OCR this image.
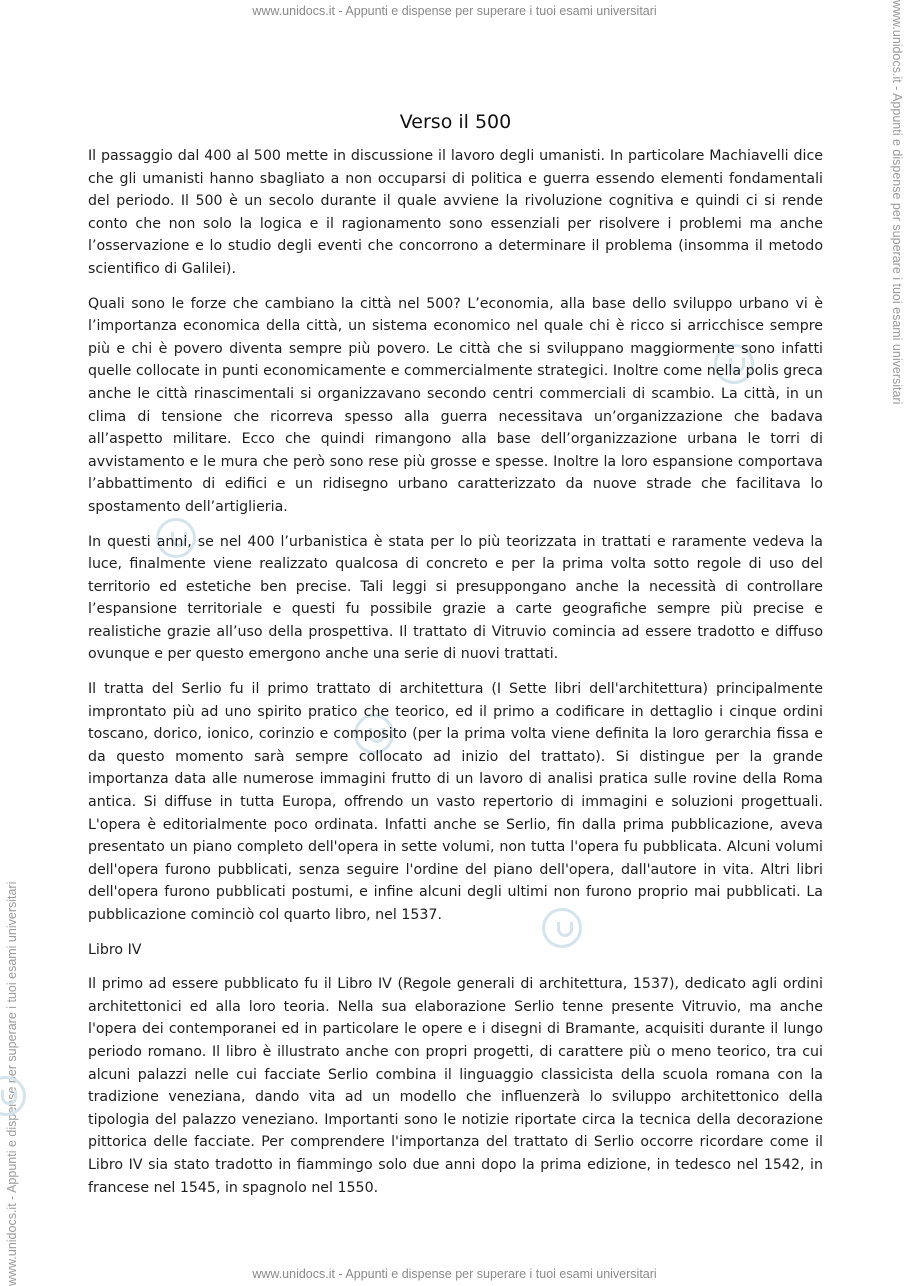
www.unidocs.it - Appunti e dispense per superare i tuoi esami universitari
www.unidocs.it - Appunti e dispense per superare i tuoi esami universitari
www.unidocs.it - Appunti e dispense per superare i tuoi esami universitari
Verso il 500

Il passaggio dal 400 al 500 mette in discussione il lavoro degli umanisti. In particolare Machiavelli dice che gli umanisti hanno sbagliato a non occuparsi di politica e guerra essendo elementi fondamentali del periodo. Il 500 è un secolo durante il quale avviene la rivoluzione cognitiva e quindi ci si rende conto che non solo la logica e il ragionamento sono essenziali per risolvere i problemi ma anche l’osservazione e lo studio degli eventi che concorrono a determinare il problema (insomma il metodo scientifico di Galilei).

Quali sono le forze che cambiano la città nel 500? L’economia, alla base dello sviluppo urbano vi è l’importanza economica della città, un sistema economico nel quale chi è ricco si arricchisce sempre più e chi è povero diventa sempre più povero. Le città che si sviluppano maggiormente sono infatti quelle collocate in punti economicamente e commercialmente strategici. Inoltre come nella polis greca anche le città rinascimentali si organizzavano secondo centri commerciali di scambio. La città, in un clima di tensione che ricorreva spesso alla guerra necessitava un’organizzazione che badava all’aspetto militare. Ecco che quindi rimangono alla base dell’organizzazione urbana le torri di avvistamento e le mura che però sono rese più grosse e spesse. Inoltre la loro espansione comportava l’abbattimento di edifici e un ridisegno urbano caratterizzato da nuove strade che facilitava lo spostamento dell’artiglieria.

In questi anni, se nel 400 l’urbanistica è stata per lo più teorizzata in trattati e raramente vedeva la luce, finalmente viene realizzato qualcosa di concreto e per la prima volta sotto regole di uso del territorio ed estetiche ben precise. Tali leggi si presuppongano anche la necessità di controllare l’espansione territoriale e questi fu possibile grazie a carte geografiche sempre più precise e realistiche grazie all’uso della prospettiva. Il trattato di Vitruvio comincia ad essere tradotto e diffuso ovunque e per questo emergono anche una serie di nuovi trattati.

Il tratta del Serlio fu il primo trattato di architettura (I Sette libri dell'architettura) principalmente improntato più ad uno spirito pratico che teorico, ed il primo a codificare in dettaglio i cinque ordini toscano, dorico, ionico, corinzio e composito (per la prima volta viene definita la loro gerarchia fissa e da questo momento sarà sempre collocato ad inizio del trattato). Si distingue per la grande importanza data alle numerose immagini frutto di un lavoro di analisi pratica sulle rovine della Roma antica. Si diffuse in tutta Europa, offrendo un vasto repertorio di immagini e soluzioni progettuali. L'opera è editorialmente poco ordinata. Infatti anche se Serlio, fin dalla prima pubblicazione, aveva presentato un piano completo dell'opera in sette volumi, non tutta l'opera fu pubblicata. Alcuni volumi dell'opera furono pubblicati, senza seguire l'ordine del piano dell'opera, dall'autore in vita. Altri libri dell'opera furono pubblicati postumi, e infine alcuni degli ultimi non furono proprio mai pubblicati. La pubblicazione cominciò col quarto libro, nel 1537.

Libro IV

Il primo ad essere pubblicato fu il Libro IV (Regole generali di architettura, 1537), dedicato agli ordini architettonici ed alla loro teoria. Nella sua elaborazione Serlio tenne presente Vitruvio, ma anche l'opera dei contemporanei ed in particolare le opere e i disegni di Bramante, acquisiti durante il lungo periodo romano. Il libro è illustrato anche con propri progetti, di carattere più o meno teorico, tra cui alcuni palazzi nelle cui facciate Serlio combina il linguaggio classicista della scuola romana con la tradizione veneziana, dando vita ad un modello che influenzerà lo sviluppo architettonico della tipologia del palazzo veneziano. Importanti sono le notizie riportate circa la tecnica della decorazione pittorica delle facciate. Per comprendere l'importanza del trattato di Serlio occorre ricordare come il Libro IV sia stato tradotto in fiammingo solo due anni dopo la prima edizione, in tedesco nel 1542, in francese nel 1545, in spagnolo nel 1550.

www.unidocs.it - Appunti e dispense per superare i tuoi esami universitari
